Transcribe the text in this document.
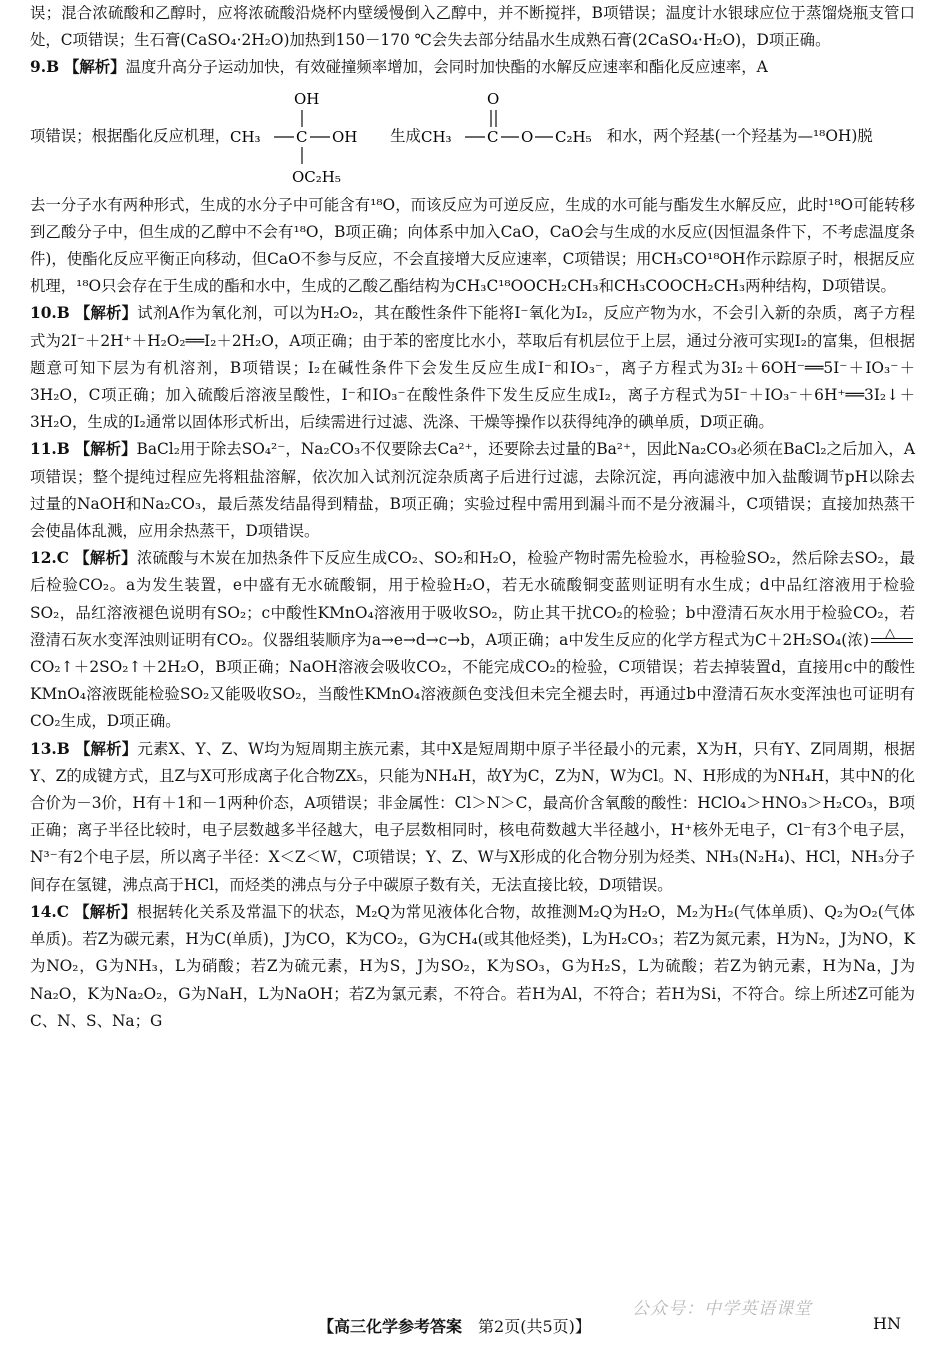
误；混合浓硫酸和乙醇时，应将浓硫酸沿烧杯内壁缓慢倒入乙醇中，并不断搅拌，B项错误；温度计水银球应位于蒸馏烧瓶支管口处，C项错误；生石膏(CaSO₄·2H₂O)加热到150－170 ℃会失去部分结晶水生成熟石膏(2CaSO₄·H₂O)，D项正确。

9.B 【解析】温度升高分子运动加快，有效碰撞频率增加，会同时加快酯的水解反应速率和酯化反应速率，A

项错误；根据酯化反应机理，
OH
CH₃ C OH
OC₂H₅
生成
O
CH₃ C O C₂H₅ 和水，两个羟基(一个羟基为—¹⁸OH)脱

去一分子水有两种形式，生成的水分子中可能含有¹⁸O，而该反应为可逆反应，生成的水可能与酯发生水解反应，此时¹⁸O可能转移到乙酸分子中，但生成的乙醇中不会有¹⁸O，B项正确；向体系中加入CaO，CaO会与生成的水反应(因恒温条件下，不考虑温度条件)，使酯化反应平衡正向移动，但CaO不参与反应，不会直接增大反应速率，C项错误；用CH₃CO¹⁸OH作示踪原子时，根据反应机理，¹⁸O只会存在于生成的酯和水中，生成的乙酸乙酯结构为CH₃C¹⁸OOCH₂CH₃和CH₃COOCH₂CH₃两种结构，D项错误。

10.B 【解析】试剂A作为氧化剂，可以为H₂O₂，其在酸性条件下能将I⁻氧化为I₂，反应产物为水，不会引入新的杂质，离子方程式为2I⁻＋2H⁺＋H₂O₂══I₂＋2H₂O，A项正确；由于苯的密度比水小，萃取后有机层位于上层，通过分液可实现I₂的富集，但根据题意可知下层为有机溶剂，B项错误；I₂在碱性条件下会发生反应生成I⁻和IO₃⁻，离子方程式为3I₂＋6OH⁻══5I⁻＋IO₃⁻＋3H₂O，C项正确；加入硫酸后溶液呈酸性，I⁻和IO₃⁻在酸性条件下发生反应生成I₂，离子方程式为5I⁻＋IO₃⁻＋6H⁺══3I₂↓＋3H₂O，生成的I₂通常以固体形式析出，后续需进行过滤、洗涤、干燥等操作以获得纯净的碘单质，D项正确。

11.B 【解析】BaCl₂用于除去SO₄²⁻，Na₂CO₃不仅要除去Ca²⁺，还要除去过量的Ba²⁺，因此Na₂CO₃必须在BaCl₂之后加入，A项错误；整个提纯过程应先将粗盐溶解，依次加入试剂沉淀杂质离子后进行过滤，去除沉淀，再向滤液中加入盐酸调节pH以除去过量的NaOH和Na₂CO₃，最后蒸发结晶得到精盐，B项正确；实验过程中需用到漏斗而不是分液漏斗，C项错误；直接加热蒸干会使晶体乱溅，应用余热蒸干，D项错误。

12.C 【解析】浓硫酸与木炭在加热条件下反应生成CO₂、SO₂和H₂O，检验产物时需先检验水，再检验SO₂，然后除去SO₂，最后检验CO₂。a为发生装置，e中盛有无水硫酸铜，用于检验H₂O，若无水硫酸铜变蓝则证明有水生成；d中品红溶液用于检验SO₂，品红溶液褪色说明有SO₂；c中酸性KMnO₄溶液用于吸收SO₂，防止其干扰CO₂的检验；b中澄清石灰水用于检验CO₂，若澄清石灰水变浑浊则证明有CO₂。仪器组装顺序为a→e→d→c→b，A项正确；a中发生反应的化学方程式为C＋2H₂SO₄(浓) △
CO₂↑＋2SO₂↑＋2H₂O，B项正确；NaOH溶液会吸收CO₂，不能完成CO₂的检验，C项错误；若去掉装置d，直接用c中的酸性KMnO₄溶液既能检验SO₂又能吸收SO₂，当酸性KMnO₄溶液颜色变浅但未完全褪去时，再通过b中澄清石灰水变浑浊也可证明有CO₂生成，D项正确。

13.B 【解析】元素X、Y、Z、W均为短周期主族元素，其中X是短周期中原子半径最小的元素，X为H，只有Y、Z同周期，根据Y、Z的成键方式，且Z与X可形成离子化合物ZX₅，只能为NH₄H，故Y为C，Z为N，W为Cl。N、H形成的为NH₄H，其中N的化合价为－3价，H有＋1和－1两种价态，A项错误；非金属性：Cl＞N＞C，最高价含氧酸的酸性：HClO₄＞HNO₃＞H₂CO₃，B项正确；离子半径比较时，电子层数越多半径越大，电子层数相同时，核电荷数越大半径越小，H⁺核外无电子，Cl⁻有3个电子层，N³⁻有2个电子层，所以离子半径：X＜Z＜W，C项错误；Y、Z、W与X形成的化合物分别为烃类、NH₃(N₂H₄)、HCl，NH₃分子间存在氢键，沸点高于HCl，而烃类的沸点与分子中碳原子数有关，无法直接比较，D项错误。

14.C 【解析】根据转化关系及常温下的状态，M₂Q为常见液体化合物，故推测M₂Q为H₂O，M₂为H₂(气体单质)、Q₂为O₂(气体单质)。若Z为碳元素，H为C(单质)，J为CO，K为CO₂，G为CH₄(或其他烃类)，L为H₂CO₃；若Z为氮元素，H为N₂，J为NO，K为NO₂，G为NH₃，L为硝酸；若Z为硫元素，H为S，J为SO₂，K为SO₃，G为H₂S，L为硫酸；若Z为钠元素，H为Na，J为Na₂O，K为Na₂O₂，G为NaH，L为NaOH；若Z为氯元素，不符合。若H为Al，不符合；若H为Si，不符合。综上所述Z可能为C、N、S、Na；G

公众号：中学英语课堂
【高三化学参考答案　 第2页(共5页)】	HN
